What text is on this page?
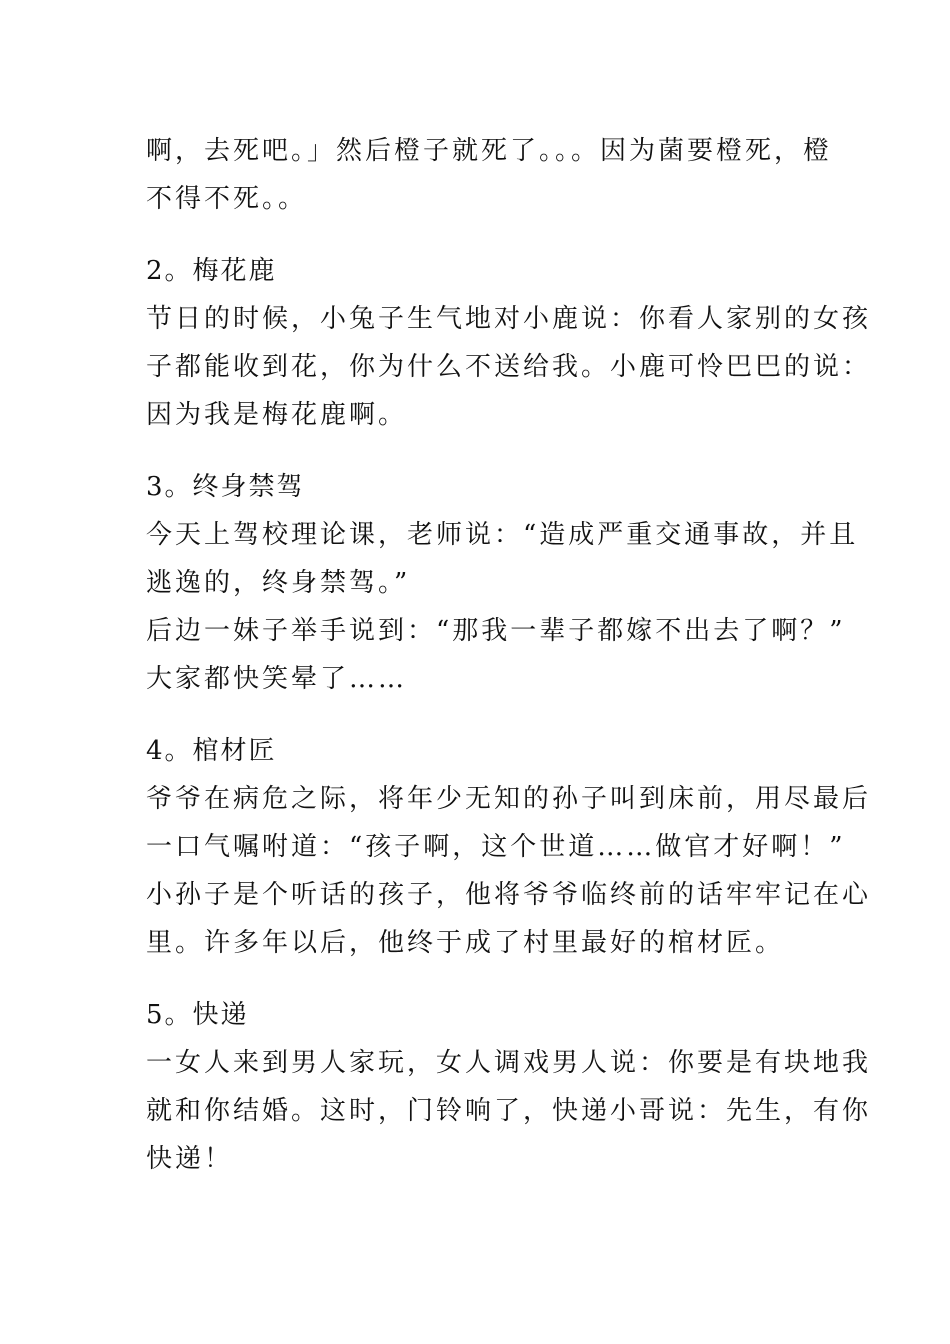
啊，去死吧。」然后橙子就死了。。。因为菌要橙死，橙
不得不死。。
2。梅花鹿
节日的时候，小兔子生气地对小鹿说：你看人家别的女孩
子都能收到花，你为什么不送给我。小鹿可怜巴巴的说：
因为我是梅花鹿啊。
3。终身禁驾
今天上驾校理论课，老师说：“造成严重交通事故，并且
逃逸的，终身禁驾。”
后边一妹子举手说到：“那我一辈子都嫁不出去了啊？”
大家都快笑晕了……
4。棺材匠
爷爷在病危之际，将年少无知的孙子叫到床前，用尽最后
一口气嘱咐道：“孩子啊，这个世道……做官才好啊！”
小孙子是个听话的孩子，他将爷爷临终前的话牢牢记在心
里。许多年以后，他终于成了村里最好的棺材匠。
5。快递
一女人来到男人家玩，女人调戏男人说：你要是有块地我
就和你结婚。这时，门铃响了，快递小哥说：先生，有你
快递！
